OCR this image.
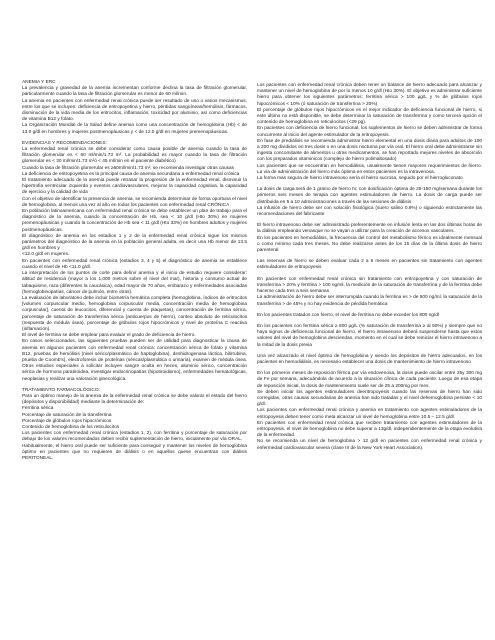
ANEMIA Y ERC

La prevalencia y gravedad de la anemia incrementan conforme declina la tasa de filtración glomerular, particularmente cuando la tasa de filtración glomerular es menor de 60 ml/min.

La anemia en pacientes con enfermedad renal crónica puede ser resultado de uno o varios mecanismos, entre los que se incluyen: deficiencia de eritropoyetina y hierro, pérdidas sanguíneas/hemólisis, fármacos, disminución de la vida media de los eritrocitos, inflamación, toxicidad por aluminio, así como deficiencias de vitamina B12 y folato.

La Organización Mundial de la Salud define anemia como una concentración de hemoglobina (Hb) < de 13.0 g/dl en hombres y mujeres postmenopáusicas y < de 12.0 g/dl en mujeres premenopáusicas.

EVIDENCIAS Y RECOMENDACIONES:

La enfermedad renal crónica se debe considerar como causa posible de anemia cuando la tasa de filtración glomerular es < 60 ml/min/1.73 m². La probabilidad es mayor cuando la tasa de filtración glomerular es < 30 ml/min/1.73 m²ó < 45 ml/min en el paciente diabético)

Cuando la tasa de filtración glomerular es ≥60ml/min/1.73 m², se recomienda investigar otras causas

La deficiencia de eritropoyetina es la principal causa de anemia secundaria a enfermedad renal crónica

El tratamiento adecuado de la anemia puede retrasar la progresión de la enfermedad renal, disminuir la hipertrofia ventricular izquierda y eventos cardiovasculares, mejorar la capacidad cognitiva, la capacidad de ejercicio y la calidad de vida

Con el objetivo de identificar la presencia de anemia, se recomienda determinar de forma oportuna el nivel de hemoglobina, al menos una vez al año en todos los pacientes con enfermedad renal CRÓNICA

En población latinoamericana con enfermedad renal crónica se debe establecer un plan de trabajo para el diagnóstico de la anemia, cuando la concentración de Hb, sea < 10 g/dl (Hto 30%) en mujeres premenopáusicas y cuando la concentración de Hb sea < 11 g/dl (Hto 33%) en hombres adultos y mujeres postmenopáusicas.

El diagnóstico de anemia en los estadios 1 y 2 de la enfermedad renal crónica sigue los mismos parámetros del diagnóstico de la anemia en la población general adulta, es decir una Hb menor de 13.5 g/dl en hombres y

<12.0 g/dl en mujeres.

En pacientes con enfermedad renal crónica (estadios 3, 4 y 5) el diagnóstico de anemia se establece cuando el nivel de Hb <11.0 g/dl.

La interpretación de los puntos de corte para definir anemia y el inicio de estudio requiere considerar: altitud de residencia (mayor a los 1,000 metros sobre el nivel del mar), historia y consumo actual de tabaquismo, raza (diferentes la caucásica), edad mayor de 70 años, embarazo y enfermedades asociadas (hemoglobinopatías, cáncer de pulmón, entre otras).

La evaluación de laboratorio debe incluir biometría hemática completa (hemoglobina, índices de eritrocitos [volumen corpuscular medio, hemoglobina corpuscular media, concentración media de hemoglobina corpuscular], cuenta de leucocitos, diferencial y cuenta de plaquetas), concentración de ferritina sérica, porcentaje de saturación de transferrina sérica (anticuerpos de hierro), conteo absoluto de reticulocitos (respuesta de médula ósea), porcentaje de glóbulos rojos hipocrómicos y nivel de proteína C reactiva (inflamación).

El nivel de ferritina se debe emplear para evaluar el grado de deficiencia de hierro.

En casos seleccionados, las siguientes pruebas pueden ser de utilidad para diagnosticar la causa de anemia en algunos pacientes con enfermedad renal crónica: concentración sérica de folato y vitamina B12, pruebas de hemólisis (nivel sérico/plasmático de haptoglobina), deshidrogenasa láctica, bilirrubina, prueba de Coomb's), electroforesis de proteínas (séricas/plasmática o urinaria), examen de médula ósea. Otros estudios especiales a solicitar incluyen sangre oculta en heces, aluminio sérico, concentración sérica de hormona paratiroidea, investigar endocrinopatías (hipotiroidismo), enfermedades hematológicas, neoplasias y realizar una valoración ginecológica.

TRATAMIENTO FARMACOLÓGICO:

Para un óptimo manejo de la anemia de la enfermedad renal crónica se debe valorar el estado del hierro (depósitos y disponibilidad) mediante la determinación de:

Ferritina sérica

Porcentaje de saturación de la transferrina

Porcentaje de glóbulos rojos hipocrómicos

Contenido de hemoglobina de los reticulocitos

Los pacientes con enfermedad renal crónica (estadios 1, 2), con ferritina y porcentaje de saturación por debajo de los valores recomendados deben recibir suplementación de hierro, inicialmente por vía ORAL.

Habitualmente, el hierro oral puede ser suficiente para conseguir y mantener los niveles de hemoglobina óptimo en pacientes que no requieren de diálisis o en aquellos quese encuentran con diálisis PERITONEAL.

Los pacientes con enfermedad renal crónica deben tener un balance de hierro adecuado para alcanzar y mantener un nivel de hemoglobina de por lo menos 10 g/dl (Hto 30%). El objetivo es administrar suficiente hierro para obtener los siguientes parámetros: ferritina sérica > 100 µg/L y % de glóbulos rojos hipocrómicos < 10% (ó saturación de transferrina > 20%)

El porcentaje de glóbulos rojos hipocrómicos es el mejor indicador de deficiencia funcional de hierro, si este último no está disponible, se debe determinar la saturación de transferrina y como tercera opción el contenido de hemoglobina en reticulocitos (<29 pg).

En pacientes con deficiencia de hierro funcional, los suplementos de hierro se deben administrar de forma concurrente al inicio del agente estimulador de la eritropoyesis.

En fase de prediálisis se recomienda administrar hierro elemental en una dosis diaria para adultos de 100 a 200 mg divididos en tres dosis o en una dosis nocturna por vía oral. El hierro oral debe administrarse sin ingesta concomitante de alimentos u otras medicamentos, se han reportado mejores niveles de absorción con los preparados vitaminicos (complejo de hierro polimaltosado)

Los pacientes que se encuentran en hemodiálisis, usualmente tienen mayores requerimientos de hierro. La vía de administración del hierro más óptima en estos pacientes es la intravenosa.

La forma mas segura de hierro intravenoso sería el hierro sucrosa, seguido por el hierrogluconato

La dosis de carga será de 1 gramo de hierro IV, con dosificación óptima de 25-150 mg/semana durante los primeros seis meses de terapia con agentes estimuladores de hierro. La dosis de carga puede ser distribuida en 5 a 10 administraciones a través de las sesiones de diálisis

La infusión de hierro debe ser con solución fisiológica (suero salino 0.9%) o siguiendo estrictamente las recomendaciones del fabricante

El hierro intravenoso debe ser administrado preferentemente en infusión lenta en las dos últimas horas de la diálisis empleando venasque no se vayan a utilizar para la creación de accesos vasculares.

En los pacientes en hemodiálisis, la frecuencia del control del metabolismo férrico es idealmente mensual o como mínimo cada tres meses. No debe realizarse antes de los 15 días de la última dosis de hierro parenteral

Las reservas de hierro se deben evaluar cada 2 a 6 meses en pacientes sin tratamiento con agentes estimuladores de eritropoyesis

En pacientes con enfermedad renal crónica sin tratamiento con eritropoyetina y con saturación de transferrina > 20% y ferritina > 100 ng/ml, la medición de la saturación de transferrina y de la ferritina debe hacerse cada tres a seis semanas

La administración de hierro debe ser interrumpida cuando la ferritina es > de 500 ng/ml, la saturación de la transferrina > de 45% y no hay evidencia de pérdida hemática

En los pacientes tratados con hierro, el nivel de ferritina no debe exceder los 800 ng/dl

En los pacientes con ferritina sérica ≥ 800 µg/L (% saturación de transferrina ≥ al 50%) y siempre que no haya signos de deficiencia funcional de hierro, el hierro intravenoso deberá suspenderse hasta que estos valores del nivel de hemoglobina desciendan, momento en el cual se debe reiniciar el hierro intravenoso a la mitad de la dosis previa

Una vez alcanzado el nivel óptimo de hemoglobina y siendo los depósitos de hierro adecuados, en los pacientes en hemodiálisis, es necesario establecer una dosis de mantenimiento de hierro intravenoso

En los primeros meses de reposición férrica por vía endovenosa, la dosis puede oscilar entre 25y 300 mg de Fe por semana, adecuándola de acuerdo a la situación clínica de cada paciente. Luego de esa etapa de reposición inicial, la dosis de mantenimiento suele ser de 25 a 200mg por mes.

Se deben iniciar los agentes estimuladores deeritropoyesis cuando las reservas de hierro han sido corregidas, otras causas secundarias de anemia han sido tratadas y el nivel dehemoglobina persiste < 10 g/dl.

Los pacientes con enfermedad renal crónica y anemia en tratamiento con agentes estimuladores de la eritropoyesis deben tener como meta alcanzar un nivel de hemoglobina entre 10.5 – 12.5 g/dl.

En pacientes con enfermedad renal crónica que reciben tratamiento con agentes estimuladores de la eritropoyesis, el nivel de hemoglobina no debe superar a 13g/dl, independientemente de la etapa evolutiva de la enfermedad.

No se recomienda un nivel de hemoglobina > 12 g/dl en pacientes con enfermedad renal crónica y enfermedad cardiovascular severa (clase III de la New York Heart Association).
